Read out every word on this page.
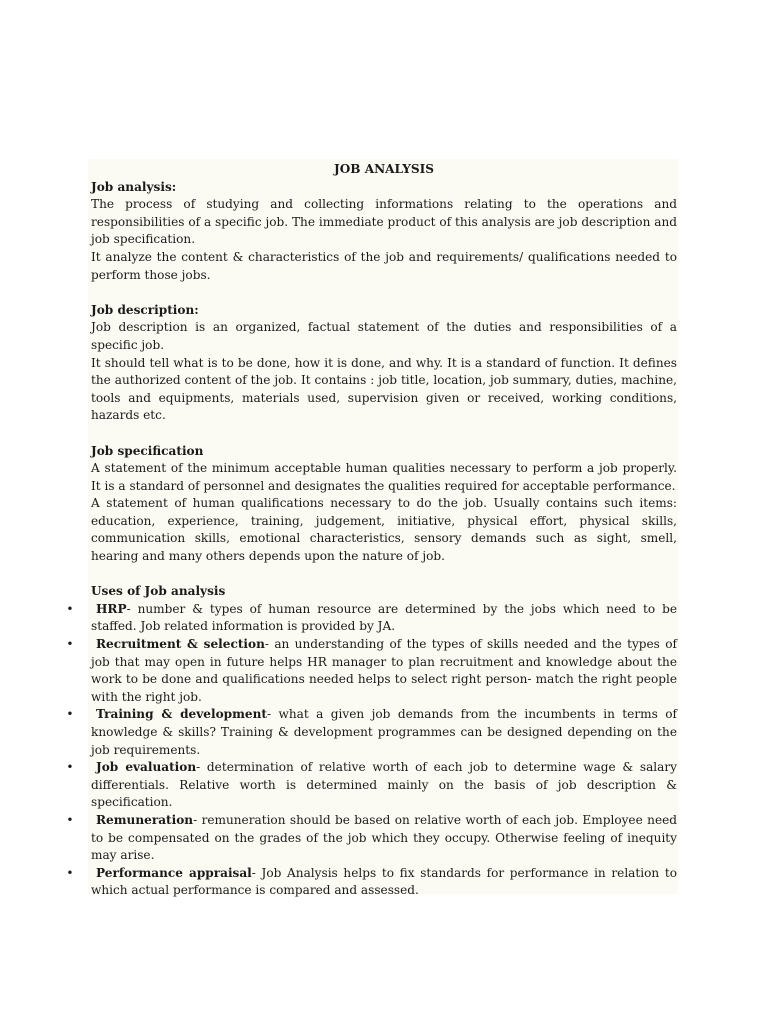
JOB ANALYSIS

Job analysis:

The process of studying and collecting informations relating to the operations and responsibilities of a specific job. The immediate product of this analysis are job description and job specification.

It analyze the content & characteristics of the job and requirements/ qualifications needed to perform those jobs.

Job description:

Job description is an organized, factual statement of the duties and responsibilities of a specific job.

It should tell what is to be done, how it is done, and why. It is a standard of function. It defines the authorized content of the job. It contains : job title, location, job summary, duties, machine, tools and equipments, materials used, supervision given or received, working conditions, hazards etc.

Job specification

A statement of the minimum acceptable human qualities necessary to perform a job properly. It is a standard of personnel and designates the qualities required for acceptable performance.

A statement of human qualifications necessary to do the job. Usually contains such items: education, experience, training, judgement, initiative, physical effort, physical skills, communication skills, emotional characteristics, sensory demands such as sight, smell, hearing and many others depends upon the nature of job.

Uses of Job analysis

• HRP- number & types of human resource are determined by the jobs which need to be staffed. Job related information is provided by JA.
• Recruitment & selection- an understanding of the types of skills needed and the types of job that may open in future helps HR manager to plan recruitment and knowledge about the work to be done and qualifications needed helps to select right person- match the right people with the right job.
• Training & development- what a given job demands from the incumbents in terms of knowledge & skills? Training & development programmes can be designed depending on the job requirements.
• Job evaluation- determination of relative worth of each job to determine wage & salary differentials. Relative worth is determined mainly on the basis of job description & specification.
• Remuneration- remuneration should be based on relative worth of each job. Employee need to be compensated on the grades of the job which they occupy. Otherwise feeling of inequity may arise.
• Performance appraisal- Job Analysis helps to fix standards for performance in relation to which actual performance is compared and assessed.
